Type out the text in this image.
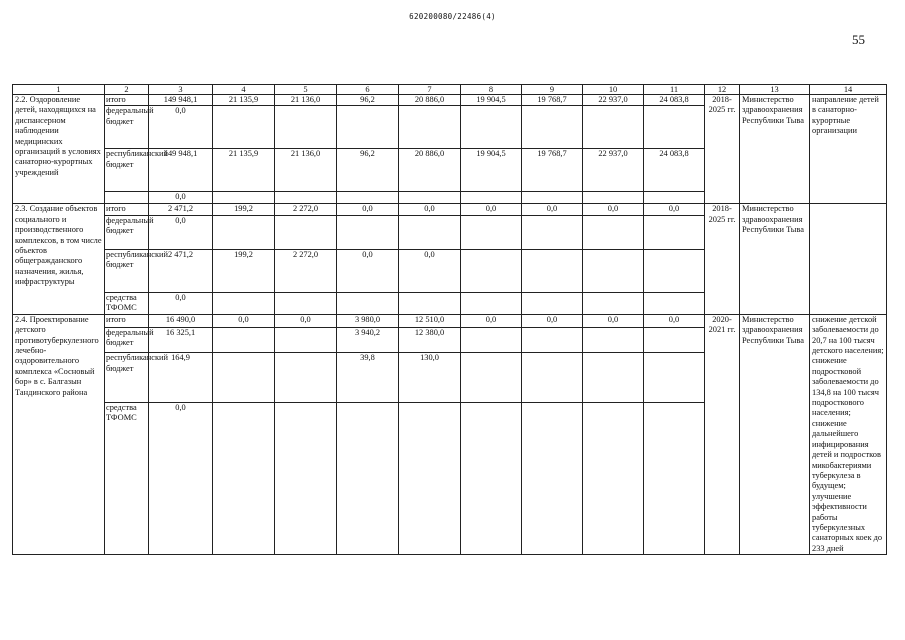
620200080/22486(4)
55
1	2	3	4	5	6	7	8	9	10	11	12	13	14
2.2. Оздоровление детей, находящихся на диспансерном наблюдении медицинских организаций в условиях санаторно-курортных учреждений	итого	149 948,1	21 135,9	21 136,0	96,2	20 886,0	19 904,5	19 768,7	22 937,0	24 083,8	2018-2025 гг.	Министерство здравоохранения Республики Тыва	направление детей в санаторно-курортные организации
	федеральный бюджет	0,0											
	республиканский бюджет	149 948,1	21 135,9	21 136,0	96,2	20 886,0	19 904,5	19 768,7	22 937,0	24 083,8			
		0,0											
2.3. Создание объектов социального и производственного комплексов, в том числе объектов общегражданского назначения, жилья, инфраструктуры	итого	2 471,2	199,2	2 272,0	0,0	0,0	0,0	0,0	0,0	0,0	2018-2025 гг.	Министерство здравоохранения Республики Тыва	
	федеральный бюджет	0,0											
	республиканский бюджет	2 471,2	199,2	2 272,0	0,0	0,0							
	средства ТФОМС	0,0											
2.4. Проектирование детского противотуберкулезного лечебно-оздоровительного комплекса «Сосновый бор» в с. Балгазын Тандинского района	итого	16 490,0	0,0	0,0	3 980,0	12 510,0	0,0	0,0	0,0	0,0	2020-2021 гг.	Министерство здравоохранения Республики Тыва	снижение детской заболеваемости до 20,7 на 100 тысяч детского населения; снижение подростковой заболеваемости до 134,8 на 100 тысяч подросткового населения; снижение дальнейшего инфицирования детей и подростков микобактериями туберкулеза в будущем; улучшение эффективности работы туберкулезных санаторных коек до 233 дней
	федеральный бюджет	16 325,1			3 940,2	12 380,0							
	республиканский бюджет	164,9			39,8	130,0							
	средства ТФОМС	0,0											
